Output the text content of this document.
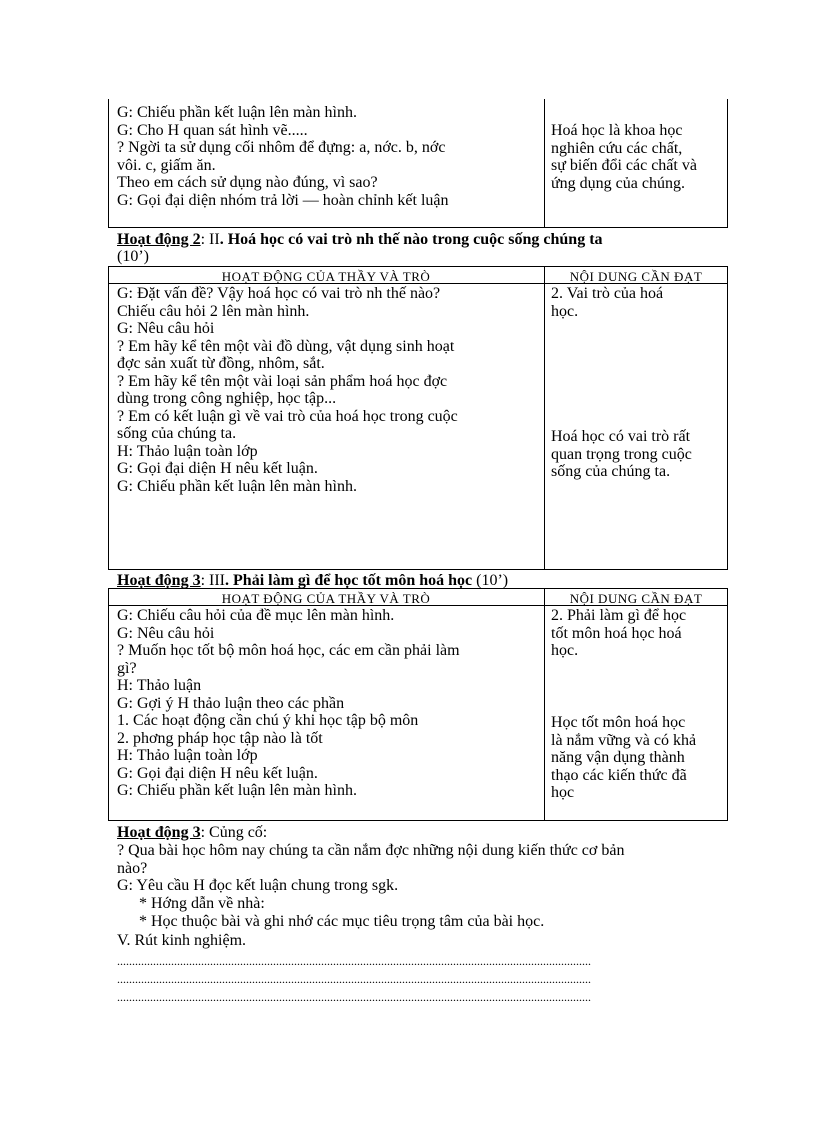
G: Chiếu phần kết luận lên màn hình.
G: Cho H quan sát hình vẽ.....
? Ngời ta sử dụng cối nhôm để đựng: a, nớc. b, nớc
vôi. c, giấm ăn.
Theo em cách sử dụng nào đúng, vì sao?
G: Gọi đại diện nhóm trả lời — hoàn chỉnh kết luận
Hoá học là khoa học
nghiên cứu các chất,
sự biến đổi các chất và
ứng dụng của chúng.
Hoạt động 2: II. Hoá học có vai trò nh thế nào trong cuộc sống chúng ta
(10’)
HOẠT ĐỘNG CỦA THẦY VÀ TRÒ	NỘI DUNG CẦN ĐẠT
G: Đặt vấn đề? Vậy hoá học có vai trò nh thế nào?
Chiếu câu hỏi 2 lên màn hình.
G: Nêu câu hỏi
? Em hãy kể tên một vài đồ dùng, vật dụng sinh hoạt
đợc sản xuất từ đồng, nhôm, sắt.
? Em hãy kể tên một vài loại sản phẩm hoá học đợc
dùng trong công nghiệp, học tập...
? Em có kết luận gì về vai trò của hoá học trong cuộc
sống của chúng ta.
H: Thảo luận toàn lớp
G: Gọi đại diện H nêu kết luận.
G: Chiếu phần kết luận lên màn hình.
2. Vai trò của hoá
học.
Hoá học có vai trò rất
quan trọng trong cuộc
sống của chúng ta.
Hoạt động 3: III. Phải làm gì để học tốt môn hoá học (10’)
HOẠT ĐỘNG CỦA THẦY VÀ TRÒ	NỘI DUNG CẦN ĐẠT
G: Chiếu câu hỏi của đề mục lên màn hình.
G: Nêu câu hỏi
? Muốn học tốt bộ môn hoá học, các em cần phải làm
gì?
H: Thảo luận
G: Gợi ý H thảo luận theo các phần
1. Các hoạt động cần chú ý khi học tập bộ môn
2. phơng pháp học tập nào là tốt
H: Thảo luận toàn lớp
G: Gọi đại diện H nêu kết luận.
G: Chiếu phần kết luận lên màn hình.
2. Phải làm gì để học
tốt môn hoá học hoá
học.
Học tốt môn hoá học
là nắm vững và có khả
năng vận dụng thành
thạo các kiến thức đã
học
Hoạt động 3: Củng cố:
? Qua bài học hôm nay chúng ta cần nắm đợc những nội dung kiến thức cơ bản
nào?
G: Yêu cầu H đọc kết luận chung trong sgk.
* Hớng dẫn về nhà:
* Học thuộc bài và ghi nhớ các mục tiêu trọng tâm của bài học.
V. Rút kinh nghiệm.
..............................................................................................................................................................
..............................................................................................................................................................
..............................................................................................................................................................
